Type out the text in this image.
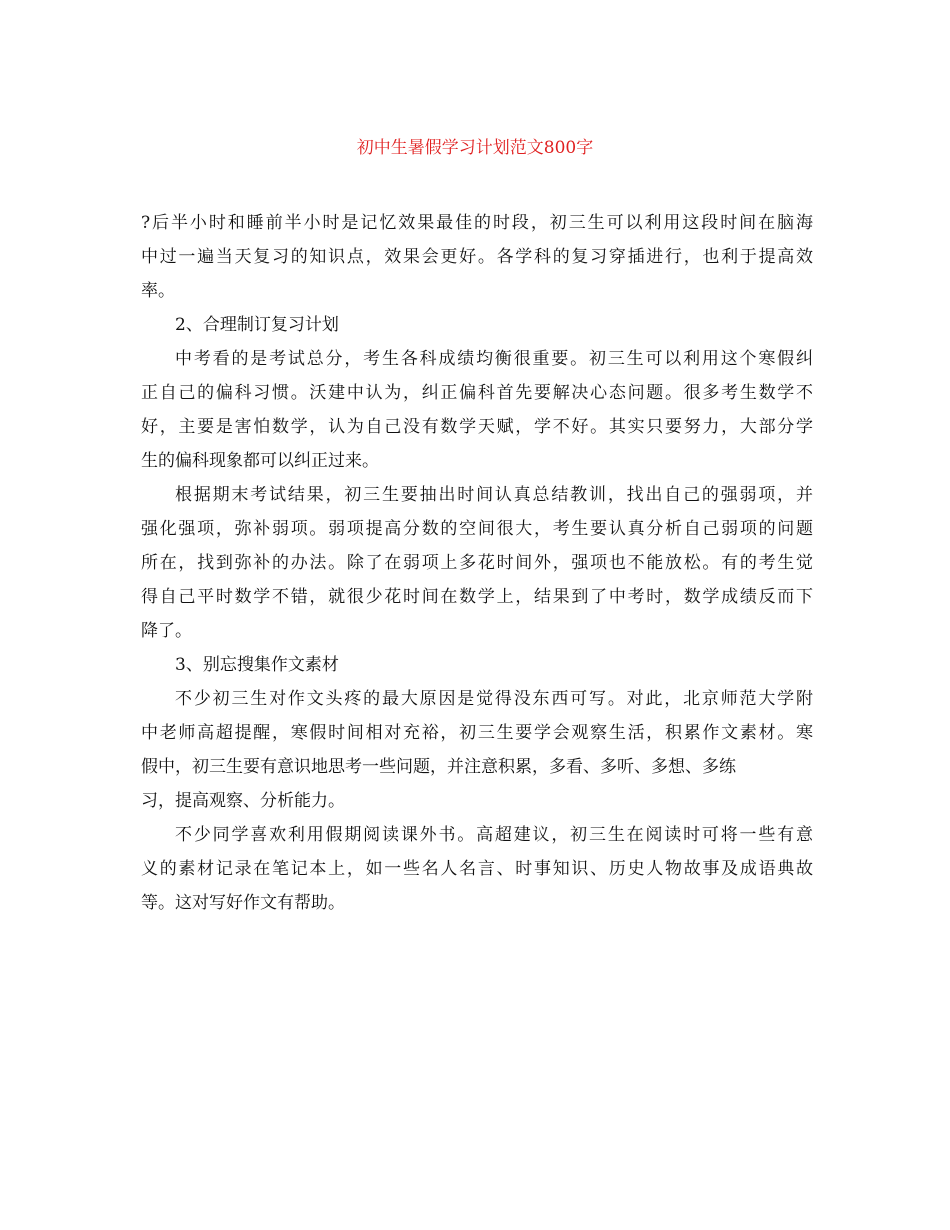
初中生暑假学习计划范文800字
?后半小时和睡前半小时是记忆效果最佳的时段，初三生可以利用这段时间在脑海
中过一遍当天复习的知识点，效果会更好。各学科的复习穿插进行，也利于提高效
率。
2、合理制订复习计划
中考看的是考试总分，考生各科成绩均衡很重要。初三生可以利用这个寒假纠
正自己的偏科习惯。沃建中认为，纠正偏科首先要解决心态问题。很多考生数学不
好，主要是害怕数学，认为自己没有数学天赋，学不好。其实只要努力，大部分学
生的偏科现象都可以纠正过来。
根据期末考试结果，初三生要抽出时间认真总结教训，找出自己的强弱项，并
强化强项，弥补弱项。弱项提高分数的空间很大，考生要认真分析自己弱项的问题
所在，找到弥补的办法。除了在弱项上多花时间外，强项也不能放松。有的考生觉
得自己平时数学不错，就很少花时间在数学上，结果到了中考时，数学成绩反而下
降了。
3、别忘搜集作文素材
不少初三生对作文头疼的最大原因是觉得没东西可写。对此，北京师范大学附
中老师高超提醒，寒假时间相对充裕，初三生要学会观察生活，积累作文素材。寒
假中，初三生要有意识地思考一些问题，并注意积累，多看、多听、多想、多练
习，提高观察、分析能力。
不少同学喜欢利用假期阅读课外书。高超建议，初三生在阅读时可将一些有意
义的素材记录在笔记本上，如一些名人名言、时事知识、历史人物故事及成语典故
等。这对写好作文有帮助。
